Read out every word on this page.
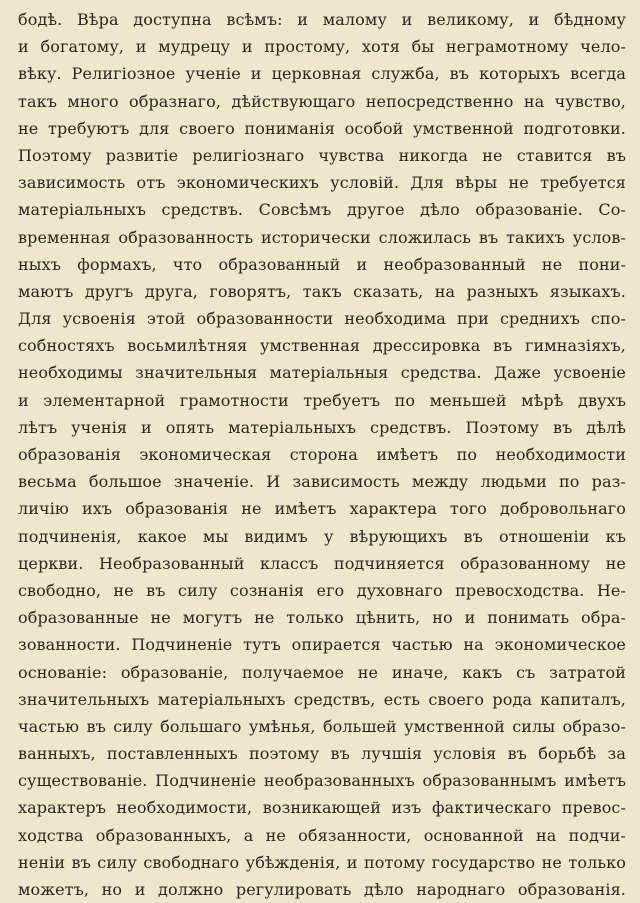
бодѣ. Вѣра доступна всѣмъ: и малому и великому, и бѣдному
и богатому, и мудрецу и простому, хотя бы неграмотному чело-
вѣку. Религіозное ученіе и церковная служба, въ которыхъ всегда
такъ много образнаго, дѣйствующаго непосредственно на чувство,
не требуютъ для своего пониманія особой умственной подготовки.
Поэтому развитіе религіознаго чувства никогда не ставится въ
зависимость отъ экономическихъ условій. Для вѣры не требуется
матеріальныхъ средствъ. Совсѣмъ другое дѣло образованіе. Со-
временная образованность исторически сложилась въ такихъ услов-
ныхъ формахъ, что образованный и необразованный не пони-
маютъ другъ друга, говорятъ, такъ сказать, на разныхъ языкахъ.
Для усвоенія этой образованности необходима при среднихъ спо-
собностяхъ восьмилѣтняя умственная дрессировка въ гимназіяхъ,
необходимы значительныя матеріальныя средства. Даже усвоеніе
и элементарной грамотности требуетъ по меньшей мѣрѣ двухъ
лѣтъ ученія и опять матеріальныхъ средствъ. Поэтому въ дѣлѣ
образованія экономическая сторона имѣетъ по необходимости
весьма большое значеніе. И зависимость между людьми по раз-
личію ихъ образованія не имѣетъ характера того добровольнаго
подчиненія, какое мы видимъ у вѣрующихъ въ отношеніи къ
церкви. Необразованный классъ подчиняется образованному не
свободно, не въ силу сознанія его духовнаго превосходства. Не-
образованные не могутъ не только цѣнить, но и понимать обра-
зованности. Подчиненіе тутъ опирается частью на экономическое
основаніе: образованіе, получаемое не иначе, какъ съ затратой
значительныхъ матеріальныхъ средствъ, есть своего рода капиталъ,
частью въ силу большаго умѣнья, большей умственной силы образо-
ванныхъ, поставленныхъ поэтому въ лучшія условія въ борьбѣ за
существованіе. Подчиненіе необразованныхъ образованнымъ имѣетъ
характеръ необходимости, возникающей изъ фактическаго превос-
ходства образованныхъ, а не обязанности, основанной на подчи-
неніи въ силу свободнаго убѣжденія, и потому государство не только
можетъ, но и должно регулировать дѣло народнаго образованія.
